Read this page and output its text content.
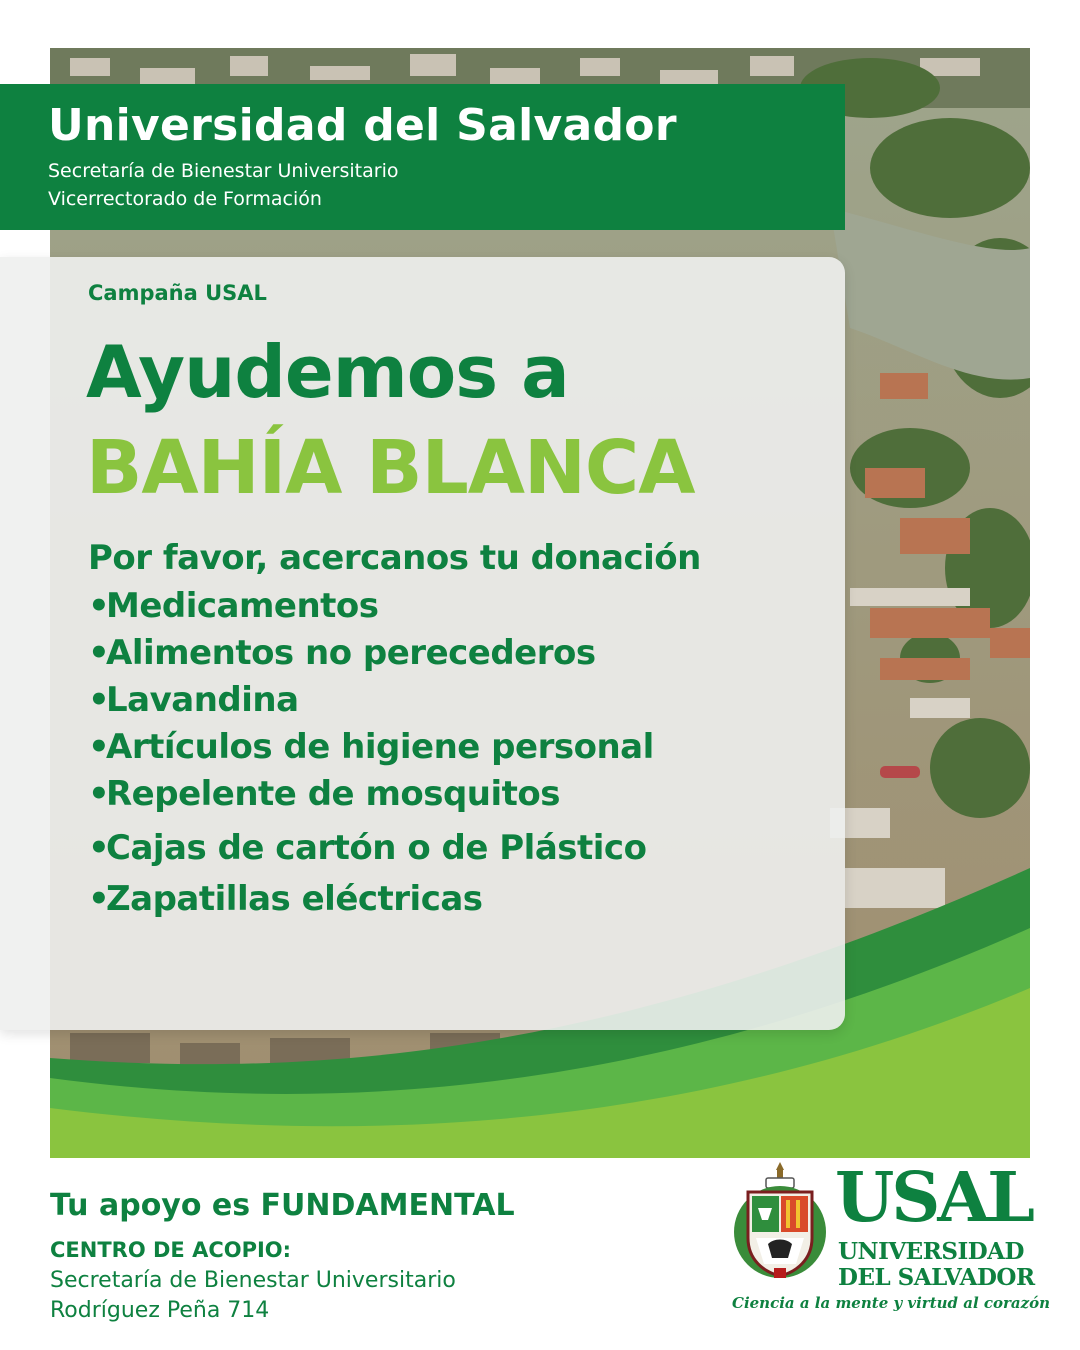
Universidad del Salvador
Secretaría de Bienestar Universitario
Vicerrectorado de Formación
Campaña USAL
Ayudemos a
BAHÍA BLANCA
Por favor, acercanos tu donación
•Medicamentos
•Alimentos no perecederos
•Lavandina
•Artículos de higiene personal
•Repelente de mosquitos
•Cajas de cartón o de Plástico
•Zapatillas eléctricas
Tu apoyo es FUNDAMENTAL
CENTRO DE ACOPIO:
Secretaría de Bienestar Universitario
Rodríguez Peña 714
USAL
UNIVERSIDAD
DEL SALVADOR
Ciencia a la mente y virtud al corazón
